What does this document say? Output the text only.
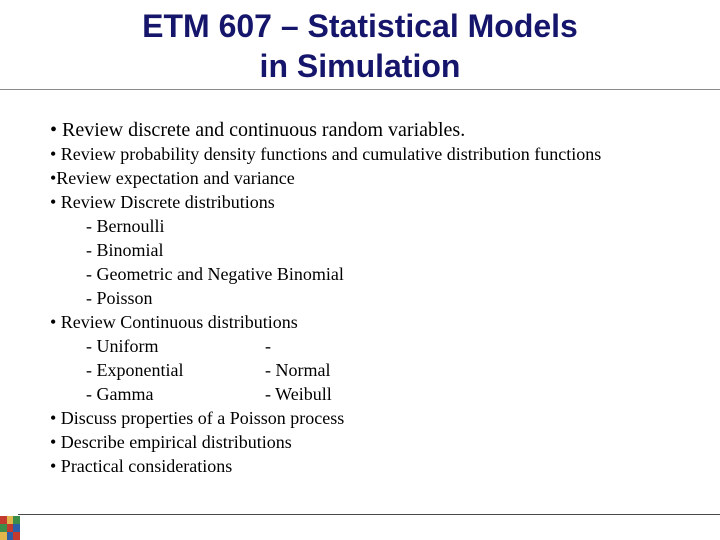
ETM 607 – Statistical Models
in Simulation
• Review discrete and continuous random variables.
• Review probability density functions and cumulative distribution functions
•Review expectation and variance
• Review Discrete distributions
- Bernoulli
- Binomial
- Geometric and Negative Binomial
- Poisson
• Review Continuous distributions
- Uniform	-
- Exponential	- Normal
- Gamma	- Weibull
• Discuss properties of a Poisson process
• Describe empirical distributions
• Practical considerations
